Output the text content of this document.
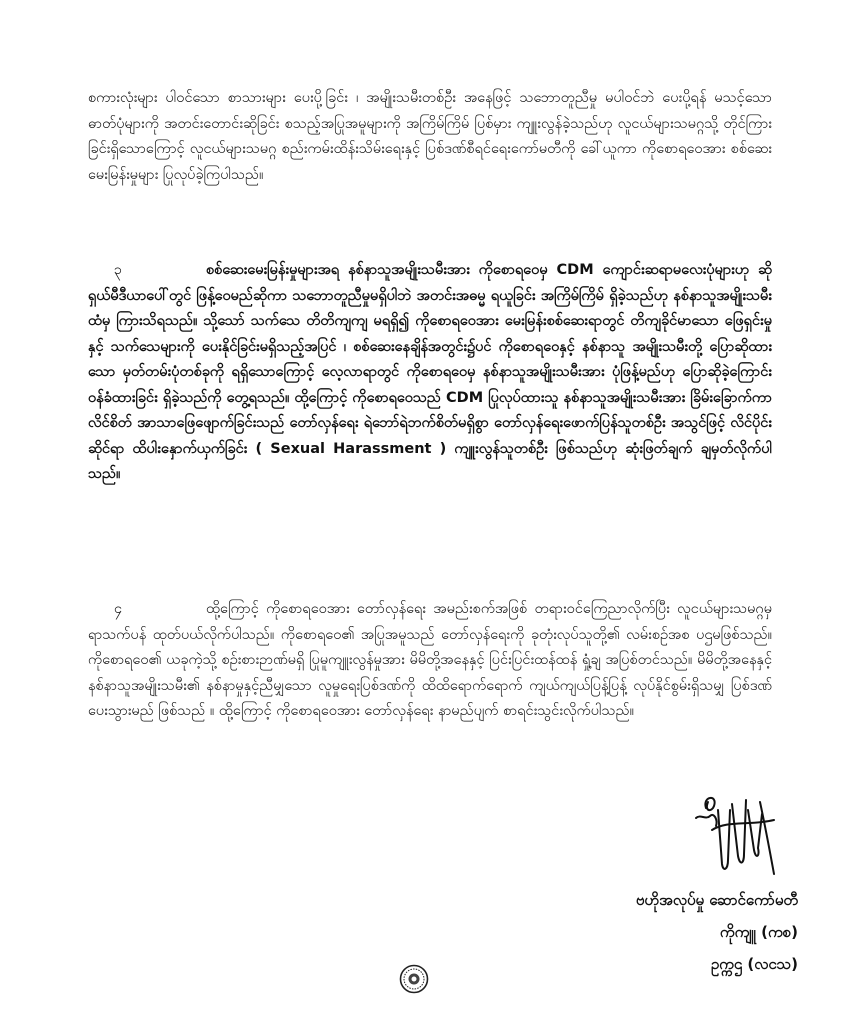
စကားလုံးများ ပါဝင်သော စာသားများ ပေးပို့ခြင်း ၊ အမျိုးသမီးတစ်ဦး အနေဖြင့် သဘောတူညီမှု မပါဝင်ဘဲ ပေးပို့ရန် မသင့်သော ဓာတ်ပုံများကို အတင်းတောင်းဆိုခြင်း စသည့်အပြုအမူများကို အကြိမ်ကြိမ် ပြစ်မှား ကျူးလွန်ခဲ့သည်ဟု လူငယ်များသမဂ္ဂသို့ တိုင်ကြားခြင်းရှိသောကြောင့် လူငယ်များသမဂ္ဂ စည်းကမ်းထိန်းသိမ်းရေးနှင့် ပြစ်ဒဏ်စီရင်ရေးကော်မတီကို ခေါ်ယူကာ ကိုစောရဝေအား စစ်ဆေး မေးမြန်းမှုများ ပြုလုပ်ခဲ့ကြပါသည်။

၃	စစ်ဆေးမေးမြန်းမှုများအရ နစ်နာသူအမျိုးသမီးအား ကိုစောရဝေမှ CDM ကျောင်းဆရာမလေးပုံများဟု ဆိုရှယ်မီဒီယာပေါ်တွင် ဖြန့်ဝေမည်ဆိုကာ သဘောတူညီမှုမရှိပါဘဲ အတင်းအဓမ္မ ရယူခြင်း အကြိမ်ကြိမ် ရှိခဲ့သည်ဟု နစ်နာသူအမျိုးသမီးထံမှ ကြားသိရသည်။ သို့သော် သက်သေ တိတိကျကျ မရရှိ၍ ကိုစောရဝေအား မေးမြန်းစစ်ဆေးရာတွင် တိကျခိုင်မာသော ဖြေရှင်းမှုနှင့် သက်သေများကို ပေးနိုင်ခြင်းမရှိသည့်အပြင် ၊ စစ်ဆေးနေချိန်အတွင်း၌ပင် ကိုစောရဝေနှင့် နစ်နာသူ အမျိုးသမီးတို့ ပြောဆိုထားသော မှတ်တမ်းပုံတစ်ခုကို ရရှိသောကြောင့် လေ့လာရာတွင် ကိုစောရဝေမှ နစ်နာသူအမျိုးသမီးအား ပုံဖြန့်မည်ဟု ပြောဆိုခဲ့ကြောင်း ဝန်ခံထားခြင်း ရှိခဲ့သည်ကို တွေ့ရသည်။ ထို့ကြောင့် ကိုစောရဝေသည် CDM ပြုလုပ်ထားသူ နစ်နာသူအမျိုးသမီးအား ခြိမ်းခြောက်ကာ လိင်စိတ် အာသာဖြေဖျောက်ခြင်းသည် တော်လှန်ရေး ရဲဘော်ရဲဘက်စိတ်မရှိစွာ တော်လှန်ရေးဖောက်ပြန်သူတစ်ဦး အသွင်ဖြင့် လိင်ပိုင်းဆိုင်ရာ ထိပါးနှောက်ယှက်ခြင်း ( Sexual Harassment ) ကျူးလွန်သူတစ်ဦး ဖြစ်သည်ဟု ဆုံးဖြတ်ချက် ချမှတ်လိုက်ပါသည်။

၄	ထို့ကြောင့် ကိုစောရဝေအား တော်လှန်ရေး အမည်းစက်အဖြစ် တရားဝင်ကြေညာလိုက်ပြီး လူငယ်များသမဂ္ဂမှ ရာသက်ပန် ထုတ်ပယ်လိုက်ပါသည်။ ကိုစောရဝေ၏ အပြုအမူသည် တော်လှန်ရေးကို ခုတုံးလုပ်သူတို့၏ လမ်းစဉ်အစ ပဌမဖြစ်သည်။ ကိုစောရဝေ၏ ယခုကဲ့သို့ စဉ်းစားဉာဏ်မရှိ ပြုမူကျူးလွန်မှုအား မိမိတို့အနေနှင့် ပြင်းပြင်းထန်ထန် ရှုံ့ချ အပြစ်တင်သည်။ မိမိတို့အနေနှင့် နစ်နာသူအမျိုးသမီး၏ နစ်နာမှုနှင့်ညီမျှသော လူမှုရေးပြစ်ဒဏ်ကို ထိထိရောက်ရောက် ကျယ်ကျယ်ပြန့်ပြန့် လုပ်နိုင်စွမ်းရှိသမျှ ပြစ်ဒဏ်ပေးသွားမည် ဖြစ်သည် ။ ထို့ကြောင့် ကိုစောရဝေအား တော်လှန်ရေး နာမည်ပျက် စာရင်းသွင်းလိုက်ပါသည်။

ဗဟိုအလုပ်မှု ဆောင်ကော်မတီ
ကိုကျူ (ကစ)
ဥက္ကဌ (လငသ)
